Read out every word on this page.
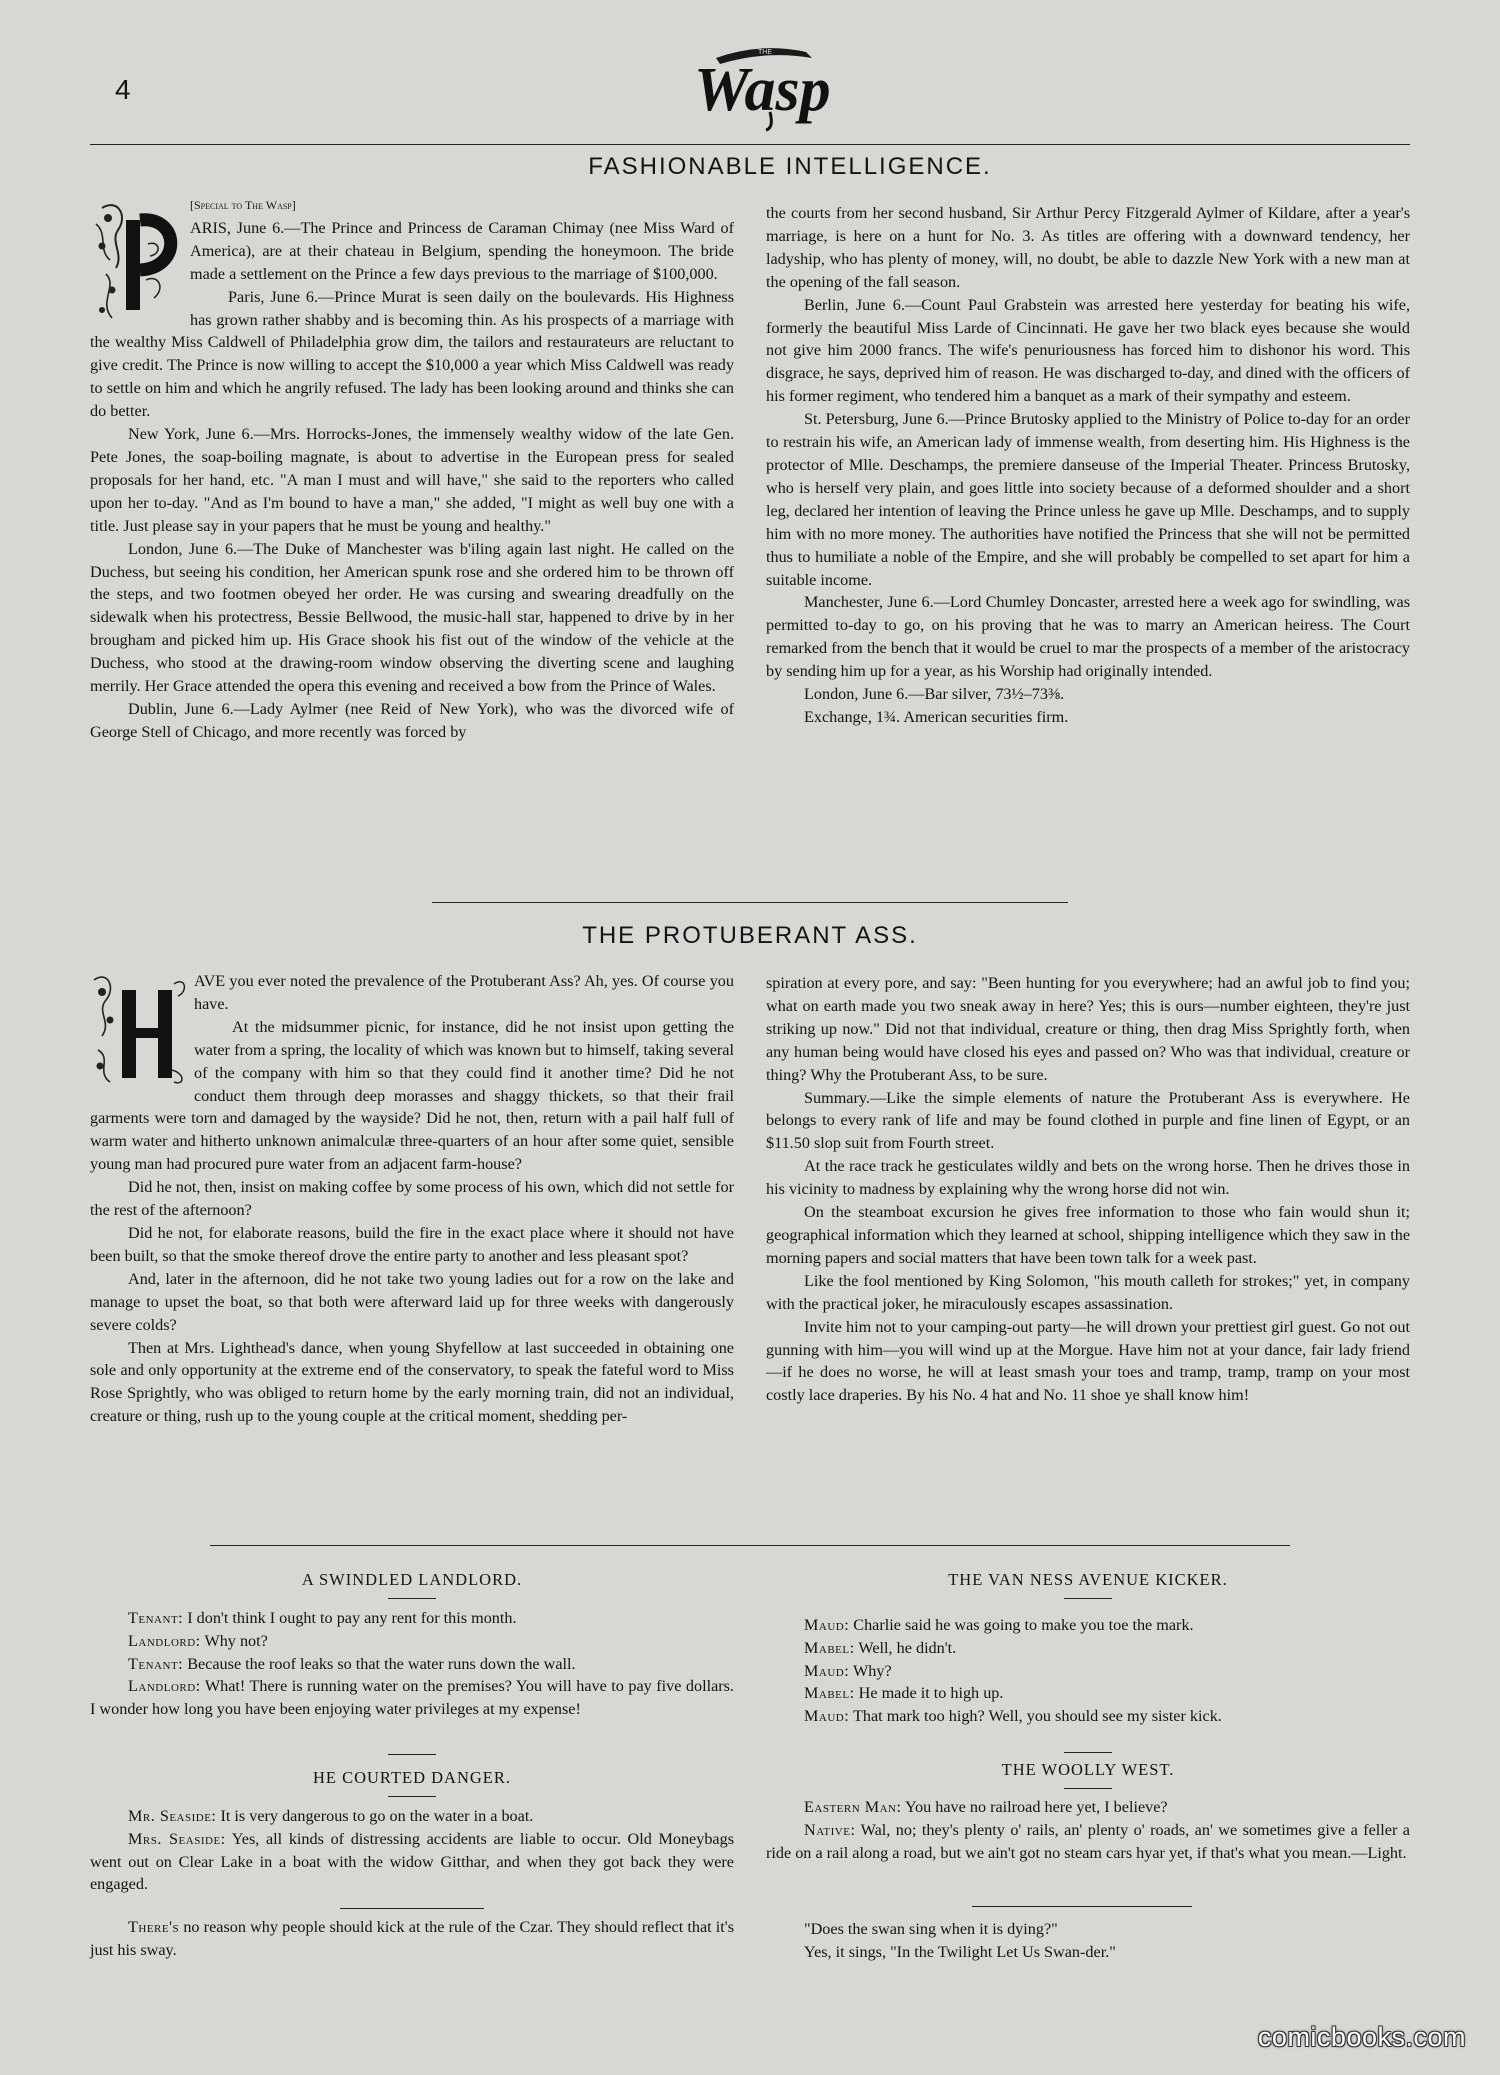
4
THE
Wasp
FASHIONABLE INTELLIGENCE.

[Special to The Wasp]

ARIS, June 6.—The Prince and Princess de Caraman Chimay (nee Miss Ward of America), are at their chateau in Belgium, spending the honeymoon. The bride made a settlement on the Prince a few days previous to the marriage of $100,000.

Paris, June 6.—Prince Murat is seen daily on the boulevards. His Highness has grown rather shabby and is becoming thin. As his prospects of a marriage with the wealthy Miss Caldwell of Philadelphia grow dim, the tailors and restaurateurs are reluctant to give credit. The Prince is now willing to accept the $10,000 a year which Miss Caldwell was ready to settle on him and which he angrily refused. The lady has been looking around and thinks she can do better.

New York, June 6.—Mrs. Horrocks-Jones, the immensely wealthy widow of the late Gen. Pete Jones, the soap-boiling magnate, is about to advertise in the European press for sealed proposals for her hand, etc. "A man I must and will have," she said to the reporters who called upon her to-day. "And as I'm bound to have a man," she added, "I might as well buy one with a title. Just please say in your papers that he must be young and healthy."

London, June 6.—The Duke of Manchester was b'iling again last night. He called on the Duchess, but seeing his condition, her American spunk rose and she ordered him to be thrown off the steps, and two footmen obeyed her order. He was cursing and swearing dreadfully on the sidewalk when his protectress, Bessie Bellwood, the music-hall star, happened to drive by in her brougham and picked him up. His Grace shook his fist out of the window of the vehicle at the Duchess, who stood at the drawing-room window observing the diverting scene and laughing merrily. Her Grace attended the opera this evening and received a bow from the Prince of Wales.

Dublin, June 6.—Lady Aylmer (nee Reid of New York), who was the divorced wife of George Stell of Chicago, and more recently was forced by

the courts from her second husband, Sir Arthur Percy Fitzgerald Aylmer of Kildare, after a year's marriage, is here on a hunt for No. 3. As titles are offering with a downward tendency, her ladyship, who has plenty of money, will, no doubt, be able to dazzle New York with a new man at the opening of the fall season.

Berlin, June 6.—Count Paul Grabstein was arrested here yesterday for beating his wife, formerly the beautiful Miss Larde of Cincinnati. He gave her two black eyes because she would not give him 2000 francs. The wife's penuriousness has forced him to dishonor his word. This disgrace, he says, deprived him of reason. He was discharged to-day, and dined with the officers of his former regiment, who tendered him a banquet as a mark of their sympathy and esteem.

St. Petersburg, June 6.—Prince Brutosky applied to the Ministry of Police to-day for an order to restrain his wife, an American lady of immense wealth, from deserting him. His Highness is the protector of Mlle. Deschamps, the premiere danseuse of the Imperial Theater. Princess Brutosky, who is herself very plain, and goes little into society because of a deformed shoulder and a short leg, declared her intention of leaving the Prince unless he gave up Mlle. Deschamps, and to supply him with no more money. The authorities have notified the Princess that she will not be permitted thus to humiliate a noble of the Empire, and she will probably be compelled to set apart for him a suitable income.

Manchester, June 6.—Lord Chumley Doncaster, arrested here a week ago for swindling, was permitted to-day to go, on his proving that he was to marry an American heiress. The Court remarked from the bench that it would be cruel to mar the prospects of a member of the aristocracy by sending him up for a year, as his Worship had originally intended.

London, June 6.—Bar silver, 73½–73⅜.

Exchange, 1¾. American securities firm.

THE PROTUBERANT ASS.

AVE you ever noted the prevalence of the Protuberant Ass? Ah, yes. Of course you have.

At the midsummer picnic, for instance, did he not insist upon getting the water from a spring, the locality of which was known but to himself, taking several of the company with him so that they could find it another time? Did he not conduct them through deep morasses and shaggy thickets, so that their frail garments were torn and damaged by the wayside? Did he not, then, return with a pail half full of warm water and hitherto unknown animalculæ three-quarters of an hour after some quiet, sensible young man had procured pure water from an adjacent farm-house?

Did he not, then, insist on making coffee by some process of his own, which did not settle for the rest of the afternoon?

Did he not, for elaborate reasons, build the fire in the exact place where it should not have been built, so that the smoke thereof drove the entire party to another and less pleasant spot?

And, later in the afternoon, did he not take two young ladies out for a row on the lake and manage to upset the boat, so that both were afterward laid up for three weeks with dangerously severe colds?

Then at Mrs. Lighthead's dance, when young Shyfellow at last succeeded in obtaining one sole and only opportunity at the extreme end of the conservatory, to speak the fateful word to Miss Rose Sprightly, who was obliged to return home by the early morning train, did not an individual, creature or thing, rush up to the young couple at the critical moment, shedding per-

spiration at every pore, and say: "Been hunting for you everywhere; had an awful job to find you; what on earth made you two sneak away in here? Yes; this is ours—number eighteen, they're just striking up now." Did not that individual, creature or thing, then drag Miss Sprightly forth, when any human being would have closed his eyes and passed on? Who was that individual, creature or thing? Why the Protuberant Ass, to be sure.

Summary.—Like the simple elements of nature the Protuberant Ass is everywhere. He belongs to every rank of life and may be found clothed in purple and fine linen of Egypt, or an $11.50 slop suit from Fourth street.

At the race track he gesticulates wildly and bets on the wrong horse. Then he drives those in his vicinity to madness by explaining why the wrong horse did not win.

On the steamboat excursion he gives free information to those who fain would shun it; geographical information which they learned at school, shipping intelligence which they saw in the morning papers and social matters that have been town talk for a week past.

Like the fool mentioned by King Solomon, "his mouth calleth for strokes;" yet, in company with the practical joker, he miraculously escapes assassination.

Invite him not to your camping-out party—he will drown your prettiest girl guest. Go not out gunning with him—you will wind up at the Morgue. Have him not at your dance, fair lady friend—if he does no worse, he will at least smash your toes and tramp, tramp, tramp on your most costly lace draperies. By his No. 4 hat and No. 11 shoe ye shall know him!

A SWINDLED LANDLORD.

Tenant: I don't think I ought to pay any rent for this month.

Landlord: Why not?

Tenant: Because the roof leaks so that the water runs down the wall.

Landlord: What! There is running water on the premises? You will have to pay five dollars. I wonder how long you have been enjoying water privileges at my expense!

HE COURTED DANGER.

Mr. Seaside: It is very dangerous to go on the water in a boat.

Mrs. Seaside: Yes, all kinds of distressing accidents are liable to occur. Old Moneybags went out on Clear Lake in a boat with the widow Gitthar, and when they got back they were engaged.

There's no reason why people should kick at the rule of the Czar. They should reflect that it's just his sway.

THE VAN NESS AVENUE KICKER.

Maud: Charlie said he was going to make you toe the mark.

Mabel: Well, he didn't.

Maud: Why?

Mabel: He made it to high up.

Maud: That mark too high? Well, you should see my sister kick.

THE WOOLLY WEST.

Eastern Man: You have no railroad here yet, I believe?

Native: Wal, no; they's plenty o' rails, an' plenty o' roads, an' we sometimes give a feller a ride on a rail along a road, but we ain't got no steam cars hyar yet, if that's what you mean.—Light.

"Does the swan sing when it is dying?"

Yes, it sings, "In the Twilight Let Us Swan-der."

comicbooks.com
